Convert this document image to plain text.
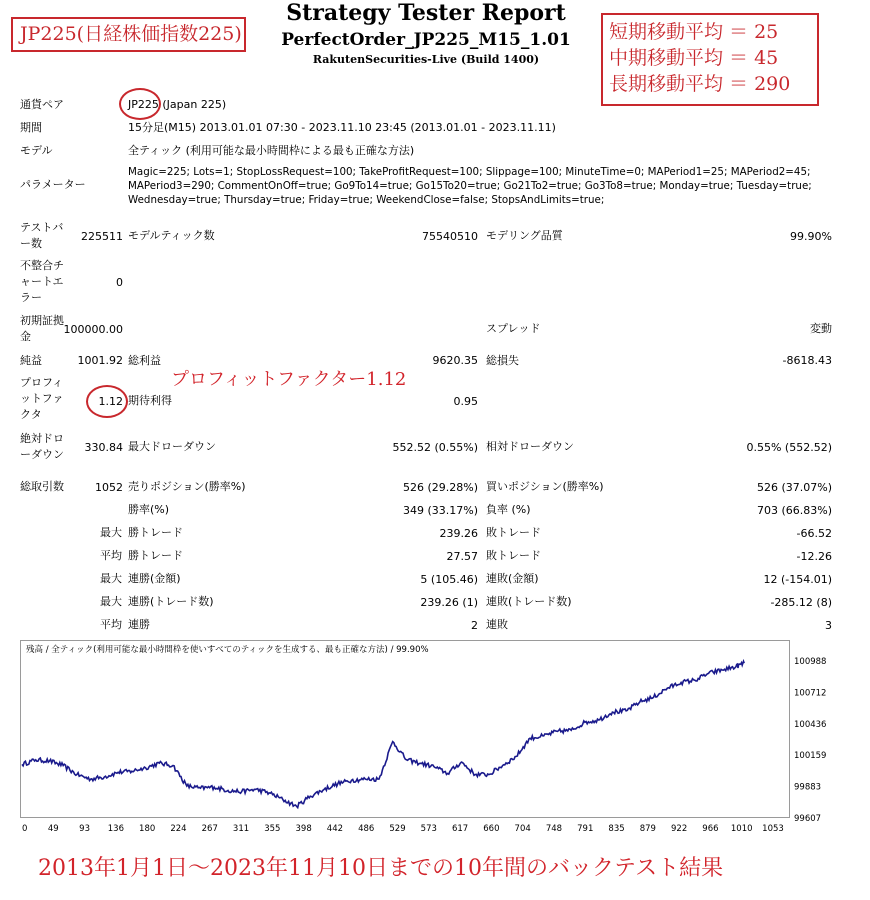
Strategy Tester Report
PerfectOrder_JP225_M15_1.01
RakutenSecurities-Live (Build 1400)
JP225(日経株価指数225)	短期移動平均 ＝ 25
中期移動平均 ＝ 45
長期移動平均 ＝ 290
通貨ペア	JP225 (Japan 225)
期間	15分足(M15) 2013.01.01 07:30 - 2023.11.10 23:45 (2013.01.01 - 2023.11.11)
モデル	全ティック (利用可能な最小時間枠による最も正確な方法)
パラメーター
Magic=225; Lots=1; StopLossRequest=100; TakeProfitRequest=100; Slippage=100; MinuteTime=0; MAPeriod1=25; MAPeriod2=45;
MAPeriod3=290; CommentOnOff=true; Go9To14=true; Go15To20=true; Go21To2=true; Go3To8=true; Monday=true; Tuesday=true;
Wednesday=true; Thursday=true; Friday=true; WeekendClose=false; StopsAndLimits=true;
テストバ
ー数
225511 モデルティック数	75540510 モデリング品質	99.90%
不整合チ
ャートエ
ラー
0
初期証拠
金
100000.00	スプレッド	変動
純益	1001.92 総利益	9620.35 総損失	-8618.43
プロフィットファクター1.12
プロフィ
ットファ
クタ
1.12 期待利得	0.95
絶対ドロ
ーダウン
330.84 最大ドローダウン	552.52 (0.55%) 相対ドローダウン	0.55% (552.52)
総取引数	1052 売りポジション(勝率%)	526 (29.28%) 買いポジション(勝率%)	526 (37.07%)
勝率(%)	349 (33.17%) 負率 (%)	703 (66.83%)
最大 勝トレード	239.26 敗トレード	-66.52
平均 勝トレード	27.57 敗トレード	-12.26
最大 連勝(金額)	5 (105.46) 連敗(金額)	12 (-154.01)
最大 連勝(トレード数)	239.26 (1) 連敗(トレード数)	-285.12 (8)
平均 連勝	2 連敗	3
残高 / 全ティック(利用可能な最小時間枠を使いすべてのティックを生成する、最も正確な方法) / 99.90%
100988
100712
100436
100159
99883
99607
0 49 93 136 180 224 267 311 355 398 442 486 529 573 617 660 704 748 791 835 879 922 966 1010 1053
2013年1月1日～2023年11月10日までの10年間のバックテスト結果
